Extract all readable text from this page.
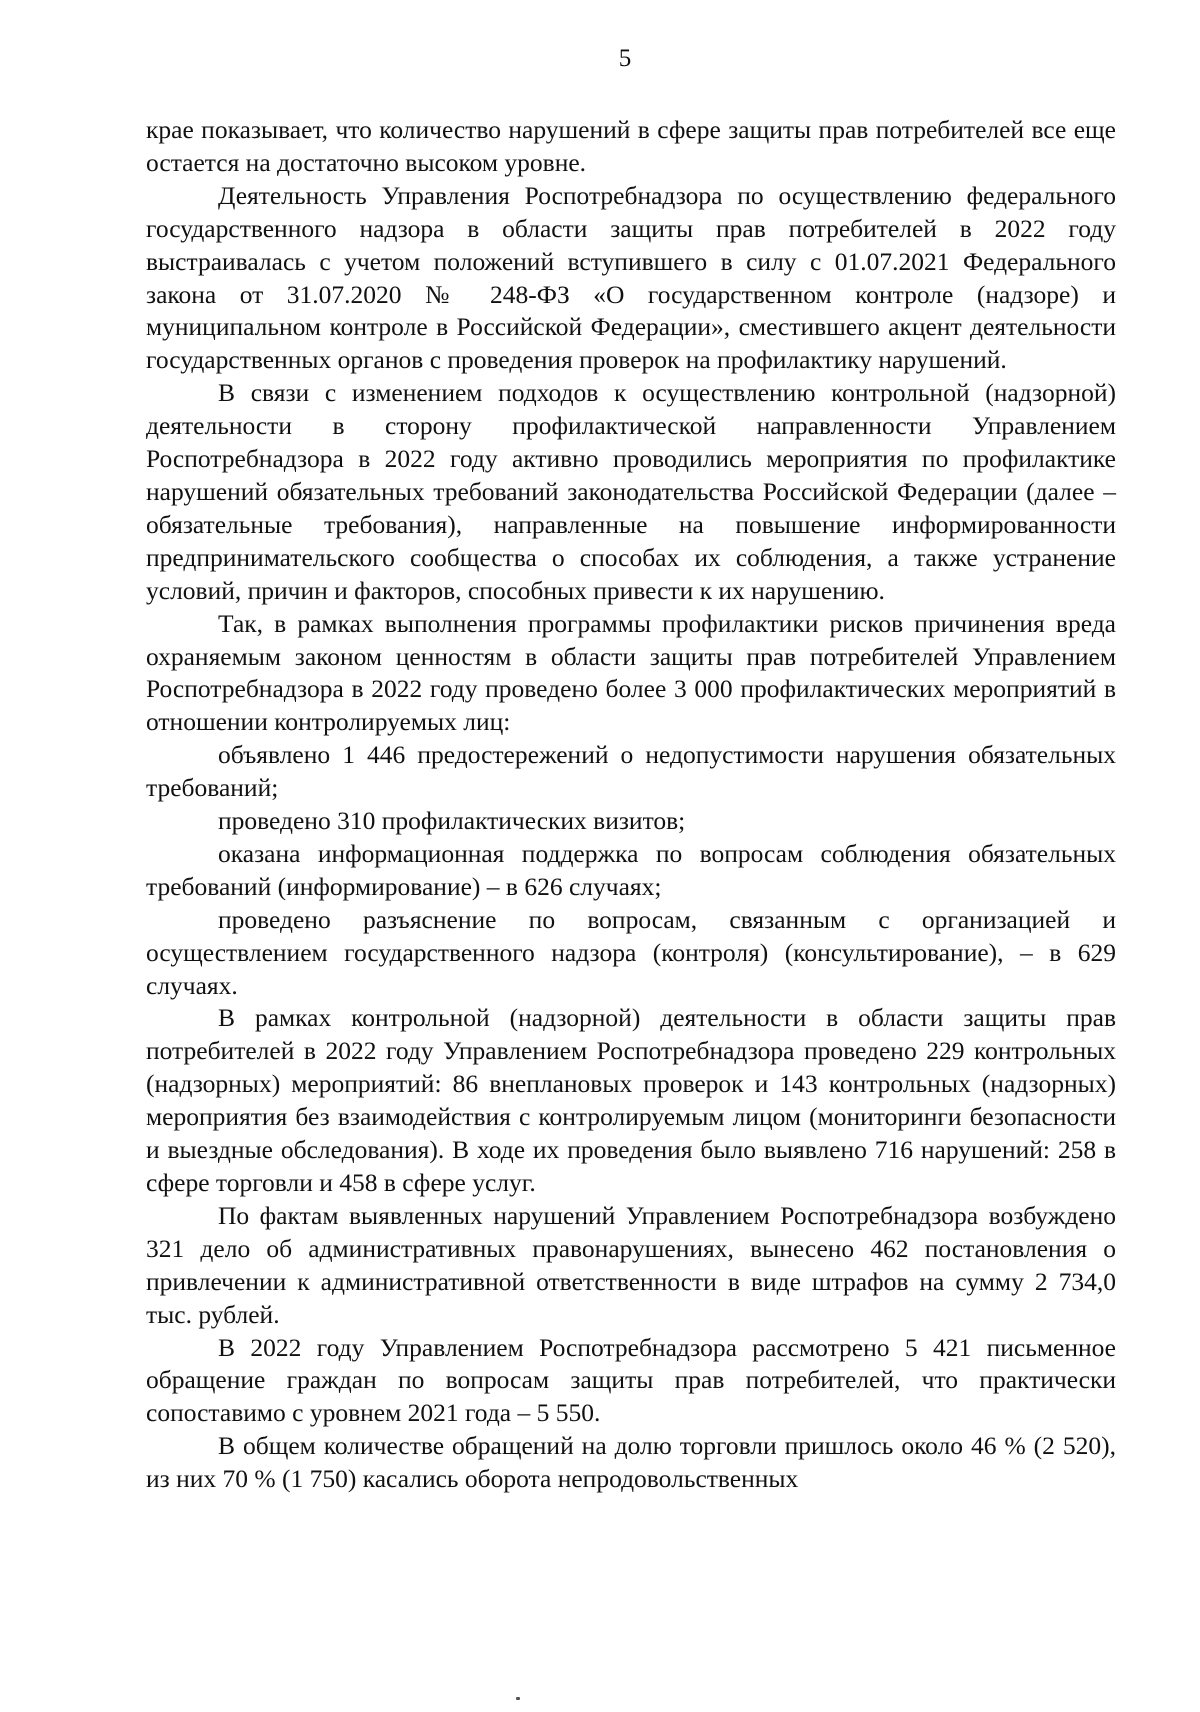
5

крае показывает, что количество нарушений в сфере защиты прав потребителей все еще остается на достаточно высоком уровне.

Деятельность Управления Роспотребнадзора по осуществлению федерального государственного надзора в области защиты прав потребителей в 2022 году выстраивалась с учетом положений вступившего в силу с 01.07.2021 Федерального закона от 31.07.2020 № 248-ФЗ «О государственном контроле (надзоре) и муниципальном контроле в Российской Федерации», сместившего акцент деятельности государственных органов с проведения проверок на профилактику нарушений.

В связи с изменением подходов к осуществлению контрольной (надзорной) деятельности в сторону профилактической направленности Управлением Роспотребнадзора в 2022 году активно проводились мероприятия по профилактике нарушений обязательных требований законодательства Российской Федерации (далее – обязательные требования), направленные на повышение информированности предпринимательского сообщества о способах их соблюдения, а также устранение условий, причин и факторов, способных привести к их нарушению.

Так, в рамках выполнения программы профилактики рисков причинения вреда охраняемым законом ценностям в области защиты прав потребителей Управлением Роспотребнадзора в 2022 году проведено более 3 000 профилактических мероприятий в отношении контролируемых лиц:

объявлено 1 446 предостережений о недопустимости нарушения обязательных требований;

проведено 310 профилактических визитов;

оказана информационная поддержка по вопросам соблюдения обязательных требований (информирование) – в 626 случаях;

проведено разъяснение по вопросам, связанным с организацией и осуществлением государственного надзора (контроля) (консультирование), – в 629 случаях.

В рамках контрольной (надзорной) деятельности в области защиты прав потребителей в 2022 году Управлением Роспотребнадзора проведено 229 контрольных (надзорных) мероприятий: 86 внеплановых проверок и 143 контрольных (надзорных) мероприятия без взаимодействия с контролируемым лицом (мониторинги безопасности и выездные обследования). В ходе их проведения было выявлено 716 нарушений: 258 в сфере торговли и 458 в сфере услуг.

По фактам выявленных нарушений Управлением Роспотребнадзора возбуждено 321 дело об административных правонарушениях, вынесено 462 постановления о привлечении к административной ответственности в виде штрафов на сумму 2 734,0 тыс. рублей.

В 2022 году Управлением Роспотребнадзора рассмотрено 5 421 письменное обращение граждан по вопросам защиты прав потребителей, что практически сопоставимо с уровнем 2021 года – 5 550.

В общем количестве обращений на долю торговли пришлось около 46 % (2 520), из них 70 % (1 750) касались оборота непродовольственных
